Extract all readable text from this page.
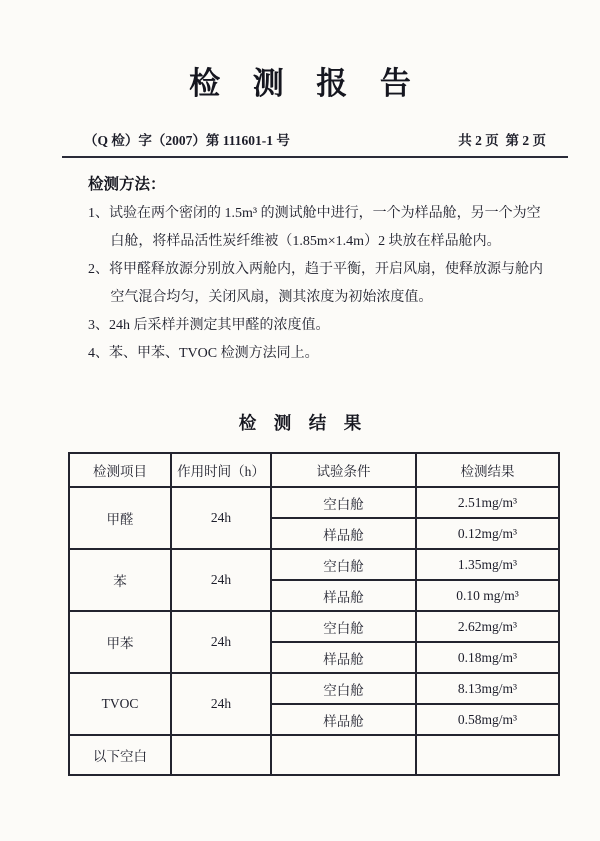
检测报告
（Q 检）字（2007）第 111601-1 号	共 2 页  第 2 页
检测方法：

1、试验在两个密闭的 1.5m³ 的测试舱中进行，一个为样品舱，另一个为空白舱，将样品活性炭纤维被（1.85m×1.4m）2 块放在样品舱内。

2、将甲醛释放源分别放入两舱内，趋于平衡，开启风扇，使释放源与舱内空气混合均匀，关闭风扇，测其浓度为初始浓度值。

3、24h 后采样并测定其甲醛的浓度值。

4、苯、甲苯、TVOC 检测方法同上。

检测结果
检测项目	作用时间（h）	试验条件	检测结果
甲醛	24h	空白舱	2.51mg/m³
		样品舱	0.12mg/m³
苯	24h	空白舱	1.35mg/m³
		样品舱	0.10 mg/m³
甲苯	24h	空白舱	2.62mg/m³
		样品舱	0.18mg/m³
TVOC	24h	空白舱	8.13mg/m³
		样品舱	0.58mg/m³
以下空白			
